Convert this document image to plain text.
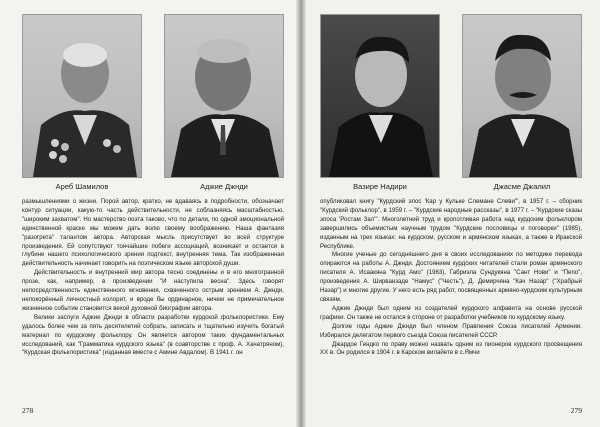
Ареб Шамилов	Аджие Джнди

размышлениями о жизни. Порой автор, кратко, не вдаваясь в подробности, обозначает контур ситуации, какую-то часть действительности, не соблазняясь масштабностью, "широким захватом". Но мастерство поэта таково, что по детали, по одной эмоциональной единственной краске мы можем дать волю своему воображению. Наша фантазия "разогрета" талантом автора. Авторская мысль присутствует во всей структуре произведения. Ей сопутствуют тончайшие побеги ассоциаций, возникает и остается в глубине нашего психологического зрения подтекст, внутренняя тема. Так изображенная действительность начинает говорить на поэтическом языке авторской души.

Действительность и внутренний мир автора тесно соединены и в его многогранной прозе, как, например, в произведении "И наступила весна". Здесь говорят непосредственность единственного мгновения, схваченного острым зрением А. Джнди, непокорённый личностный колорит, и вроде бы ординарное, ничем не примечательное жизненное событие становится вехой духовной биографии автора.

Велики заслуги Аджие Джнди в области разработки курдской фольклористики. Ему удалось более чем за пять десятилетий собрать, записать и тщательно изучить богатый материал по курдскому фольклору. Он является автором таких фундаментальных исследований, как "Грамматика курдского языка" (в соавторстве с проф. А. Хачатряном), "Курдская фольклористика" (изданная вместе с Амине Авдалом). В 1941 г. он

278
Вазире Надири	Джасме Джалил

опубликовал книгу "Курдский эпос 'Кар у Кульке Слемане Слеви'", в 1957 г. – сборник "Курдский фольклор", в 1959 г. – "Курдские народные рассказы", в 1977 г. – "Курдские сказы эпоса 'Ростам Зал'". Многолетний труд и кропотливая работа над курдским фольклором завершились объемистым научным трудом "Курдские пословицы и поговорки" (1985), изданным на трех языках: на курдском, русском и армянском языках, а также в Иракской Республике.

Многие ученые до сегодняшнего дня в своих исследованиях по методике перевода опираются на работы А. Джнди. Достоянием курдских читателей стали роман армянского писателя А. Исаакяна "Курд Амо" (1963), Габриэла Сундукяна "Сант Нови" и "Пепо", произведения А. Ширванзаде "Намус" ("Честь"), Д. Демирчяна "Кач Назар" ("Храбрый Назар") и многие другие. У него есть ряд работ, посвященных армяно-курдским культурным связям.

Аджие Джнди был одним из создателей курдского алфавита на основе русской графики. Он также не остался в стороне от разработки учебников по курдскому языку.

Долгие годы Аджие Джнди был членом Правления Союза писателей Армении. Избирался делегатом первого съезда Союза писателей СССР.

Джардое Гендко по праву можно назвать одним из пионеров курдского просвещения XX в. Он родился в 1904 г. в Карском вилайете в с.Ямчи

279
